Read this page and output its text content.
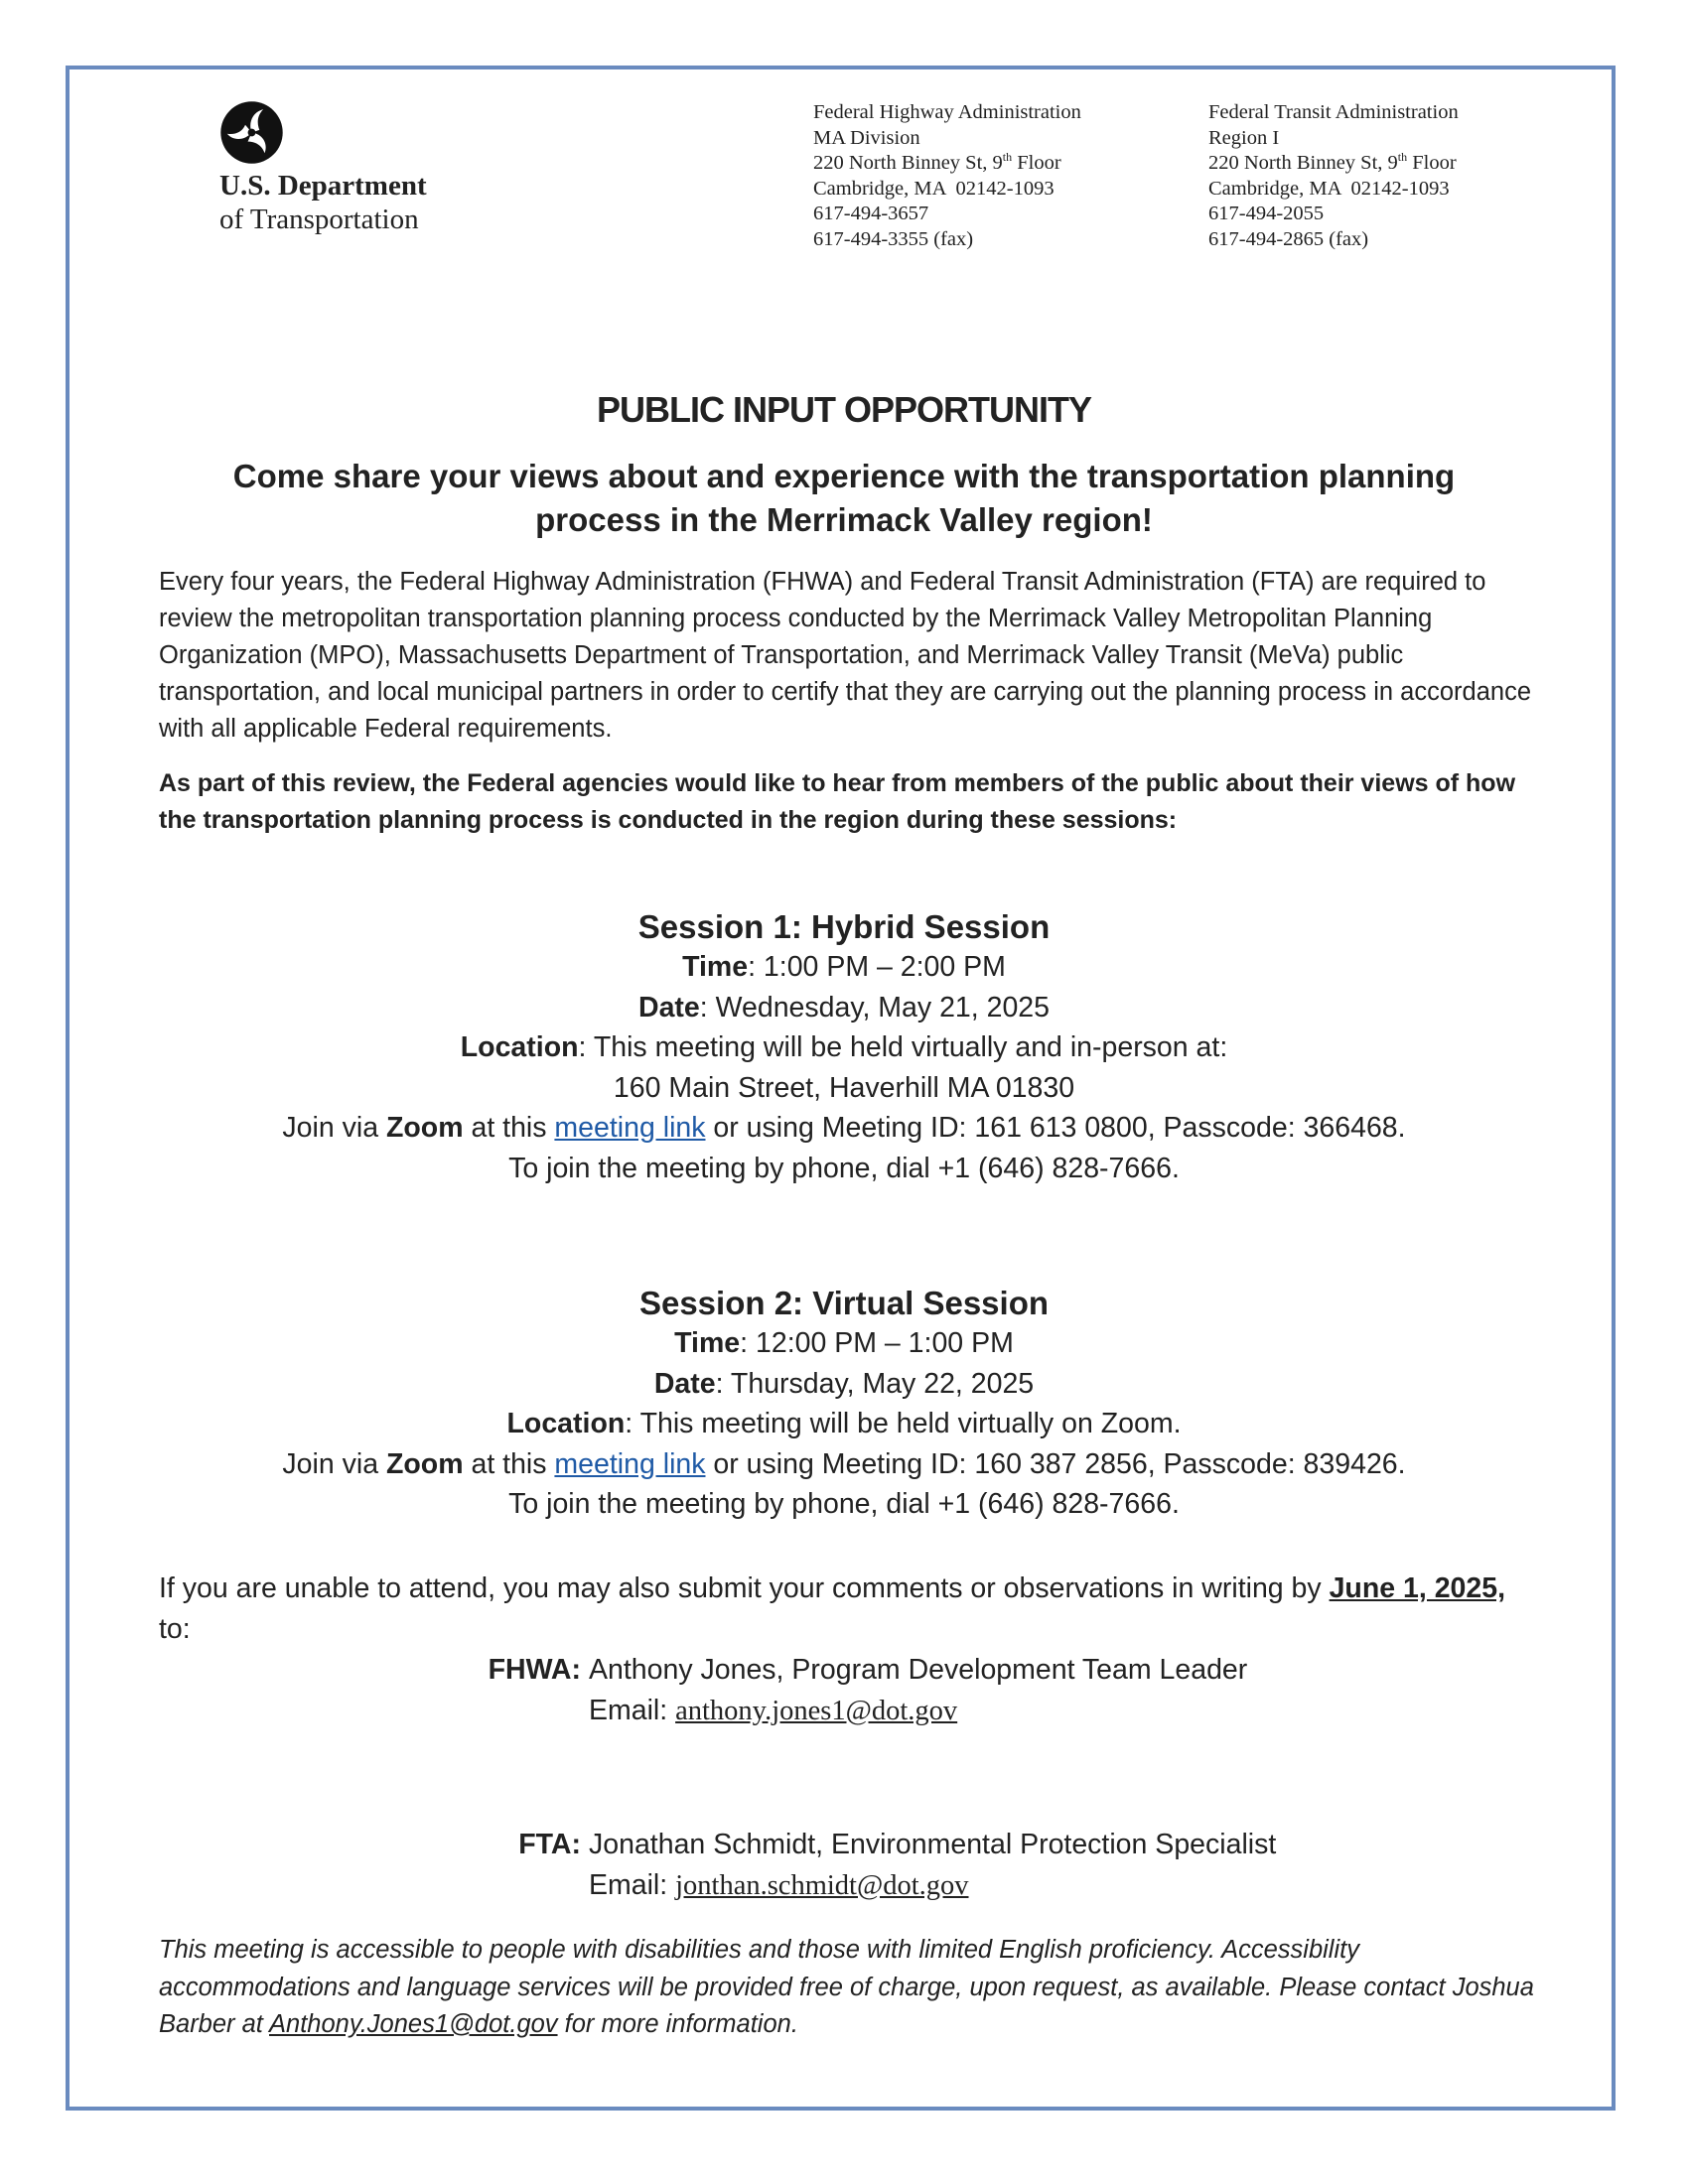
U.S. Department
of Transportation
Federal Highway Administration
MA Division
220 North Binney St, 9th Floor
Cambridge, MA  02142-1093
617-494-3657
617-494-3355 (fax)
Federal Transit Administration
Region I
220 North Binney St, 9th Floor
Cambridge, MA  02142-1093
617-494-2055
617-494-2865 (fax)
PUBLIC INPUT OPPORTUNITY
Come share your views about and experience with the transportation planning
process in the Merrimack Valley region!
Every four years, the Federal Highway Administration (FHWA) and Federal Transit Administration (FTA) are required to review the metropolitan transportation planning process conducted by the Merrimack Valley Metropolitan Planning Organization (MPO), Massachusetts Department of Transportation, and Merrimack Valley Transit (MeVa) public transportation, and local municipal partners in order to certify that they are carrying out the planning process in accordance with all applicable Federal requirements.
As part of this review, the Federal agencies would like to hear from members of the public about their views of how the transportation planning process is conducted in the region during these sessions:
Session 1: Hybrid Session
Time: 1:00 PM – 2:00 PM
Date: Wednesday, May 21, 2025
Location: This meeting will be held virtually and in-person at:
160 Main Street, Haverhill MA 01830
Join via Zoom at this meeting link or using Meeting ID: 161 613 0800, Passcode: 366468.
To join the meeting by phone, dial +1 (646) 828-7666.
Session 2: Virtual Session
Time: 12:00 PM – 1:00 PM
Date: Thursday, May 22, 2025
Location: This meeting will be held virtually on Zoom.
Join via Zoom at this meeting link or using Meeting ID: 160 387 2856, Passcode: 839426.
To join the meeting by phone, dial +1 (646) 828-7666.
If you are unable to attend, you may also submit your comments or observations in writing by June 1, 2025, to:
FHWA: Anthony Jones, Program Development Team Leader
Email: anthony.jones1@dot.gov
FTA: Jonathan Schmidt, Environmental Protection Specialist
Email: jonthan.schmidt@dot.gov
This meeting is accessible to people with disabilities and those with limited English proficiency. Accessibility accommodations and language services will be provided free of charge, upon request, as available. Please contact Joshua Barber at Anthony.Jones1@dot.gov for more information.
